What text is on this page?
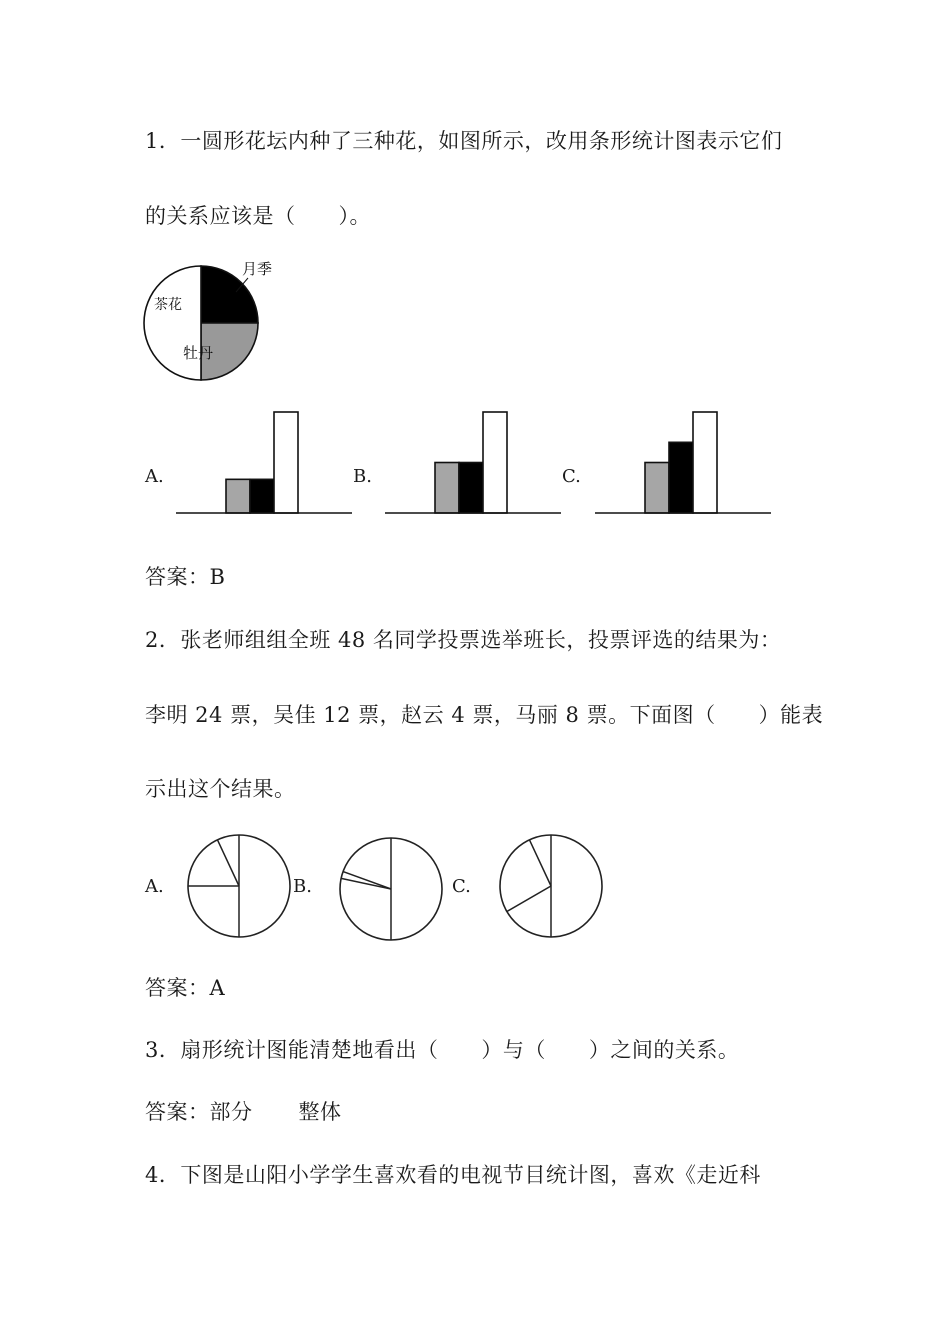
1．一圆形花坛内种了三种花，如图所示，改用条形统计图表示它们
的关系应该是（　　）。
月季
茶花
牡丹
A.	B.	C.
答案：B
2．张老师组组全班 48 名同学投票选举班长，投票评选的结果为：
李明 24 票，吴佳 12 票，赵云 4 票，马丽 8 票。下面图（　　）能表
示出这个结果。
A.	B.	C.
答案：A
3．扇形统计图能清楚地看出（　　）与（　　）之间的关系。
答案：部分 整体
4．下图是山阳小学学生喜欢看的电视节目统计图，喜欢《走近科
